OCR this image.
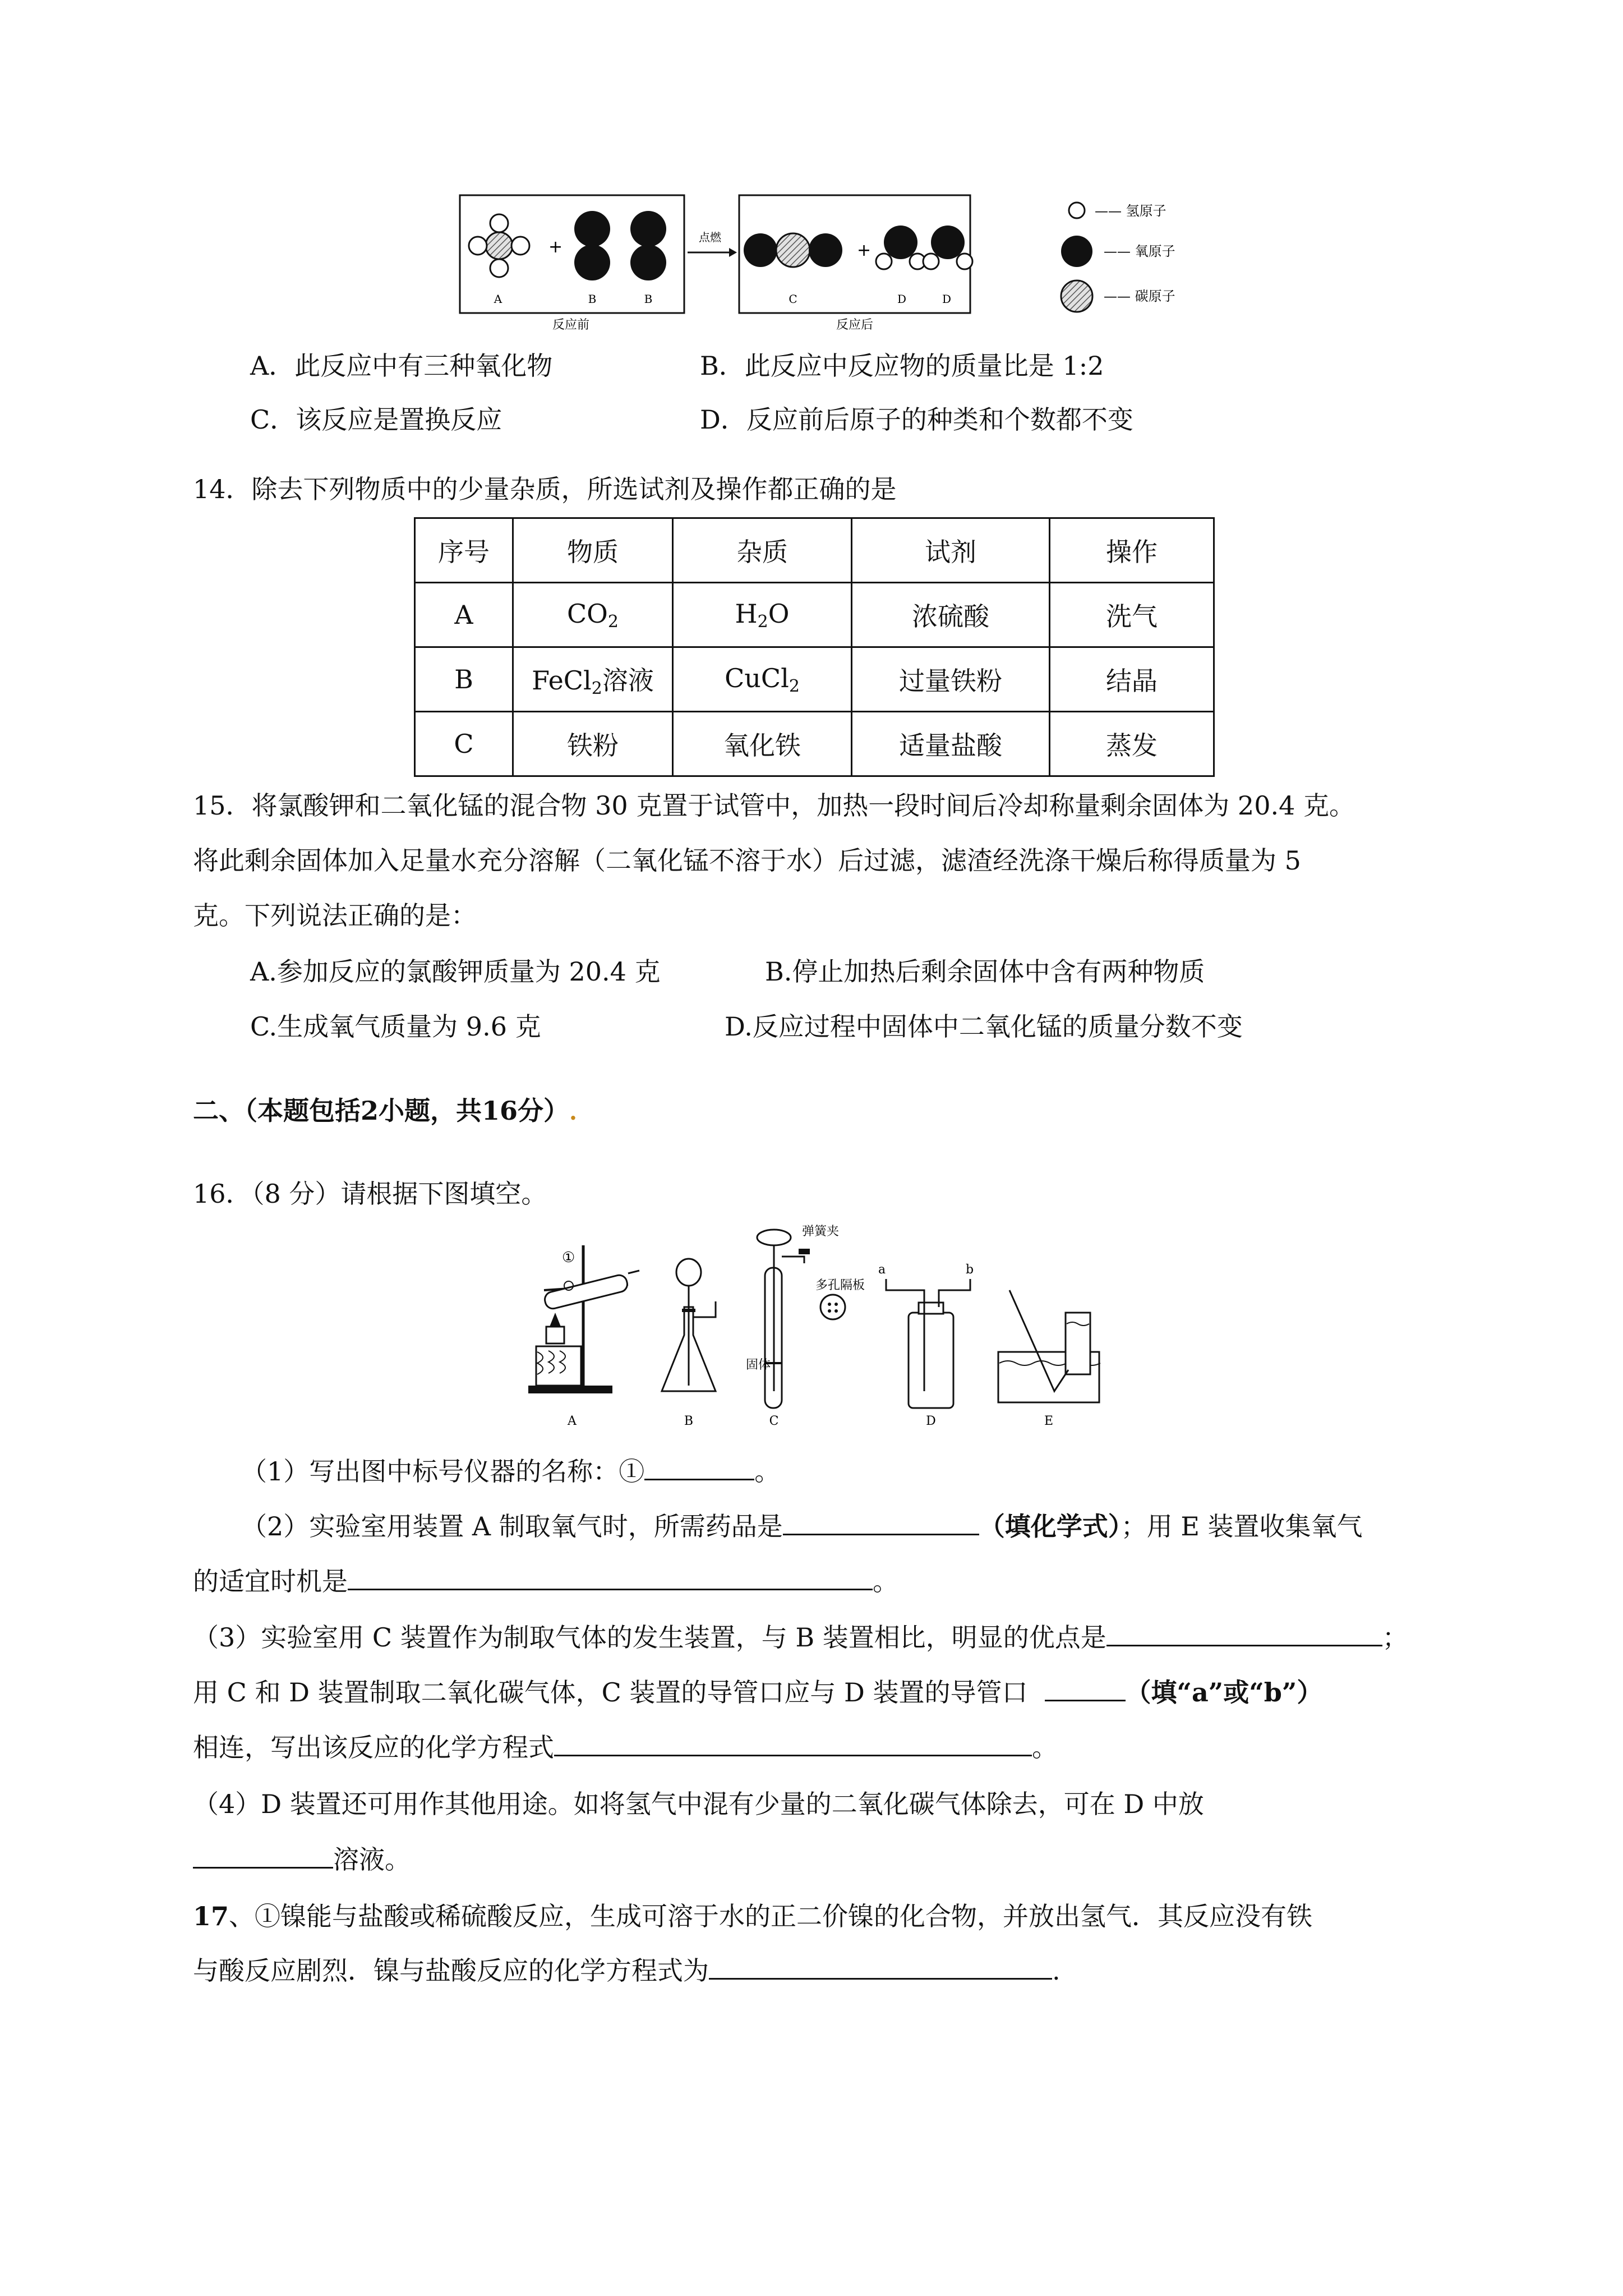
+
A	B	B
反应前
点燃
+
C	D	D
反应后
—— 氢原子
—— 氧原子
—— 碳原子
A．此反应中有三种氧化物	B．此反应中反应物的质量比是 1:2
C．该反应是置换反应	D．反应前后原子的种类和个数都不变
14．除去下列物质中的少量杂质，所选试剂及操作都正确的是
序号	物质	杂质	试剂	操作
A	$CO_2$	$H_2O$	浓硫酸	洗气
B	FeCl$_2$溶液	CuCl$_2$	过量铁粉	结晶
C	铁粉	氧化铁	适量盐酸	蒸发
15．将氯酸钾和二氧化锰的混合物 30 克置于试管中，加热一段时间后冷却称量剩余固体为 20.4 克。
将此剩余固体加入足量水充分溶解（二氧化锰不溶于水）后过滤，滤渣经洗涤干燥后称得质量为 5
克。下列说法正确的是：
A.参加反应的氯酸钾质量为 20.4 克	B.停止加热后剩余固体中含有两种物质
C.生成氧气质量为 9.6 克	D.反应过程中固体中二氧化锰的质量分数不变
二、（本题包括2小题，共16分）.
16．（8 分）请根据下图填空。
①
弹簧夹
多孔隔板
固体
a	b
A	B	C	D	E
（1）写出图中标号仪器的名称：①	。
（2）实验室用装置 A 制取氧气时，所需药品是	（填化学式）；用 E 装置收集氧气
的适宜时机是	。
（3）实验室用 C 装置作为制取气体的发生装置，与 B 装置相比，明显的优点是	；
用 C 和 D 装置制取二氧化碳气体，C 装置的导管口应与 D 装置的导管口	（填“a”或“b”）
相连，写出该反应的化学方程式	。
（4）D 装置还可用作其他用途。如将氢气中混有少量的二氧化碳气体除去，可在 D 中放
溶液。
17、①镍能与盐酸或稀硫酸反应，生成可溶于水的正二价镍的化合物，并放出氢气．其反应没有铁
与酸反应剧烈．镍与盐酸反应的化学方程式为	.
